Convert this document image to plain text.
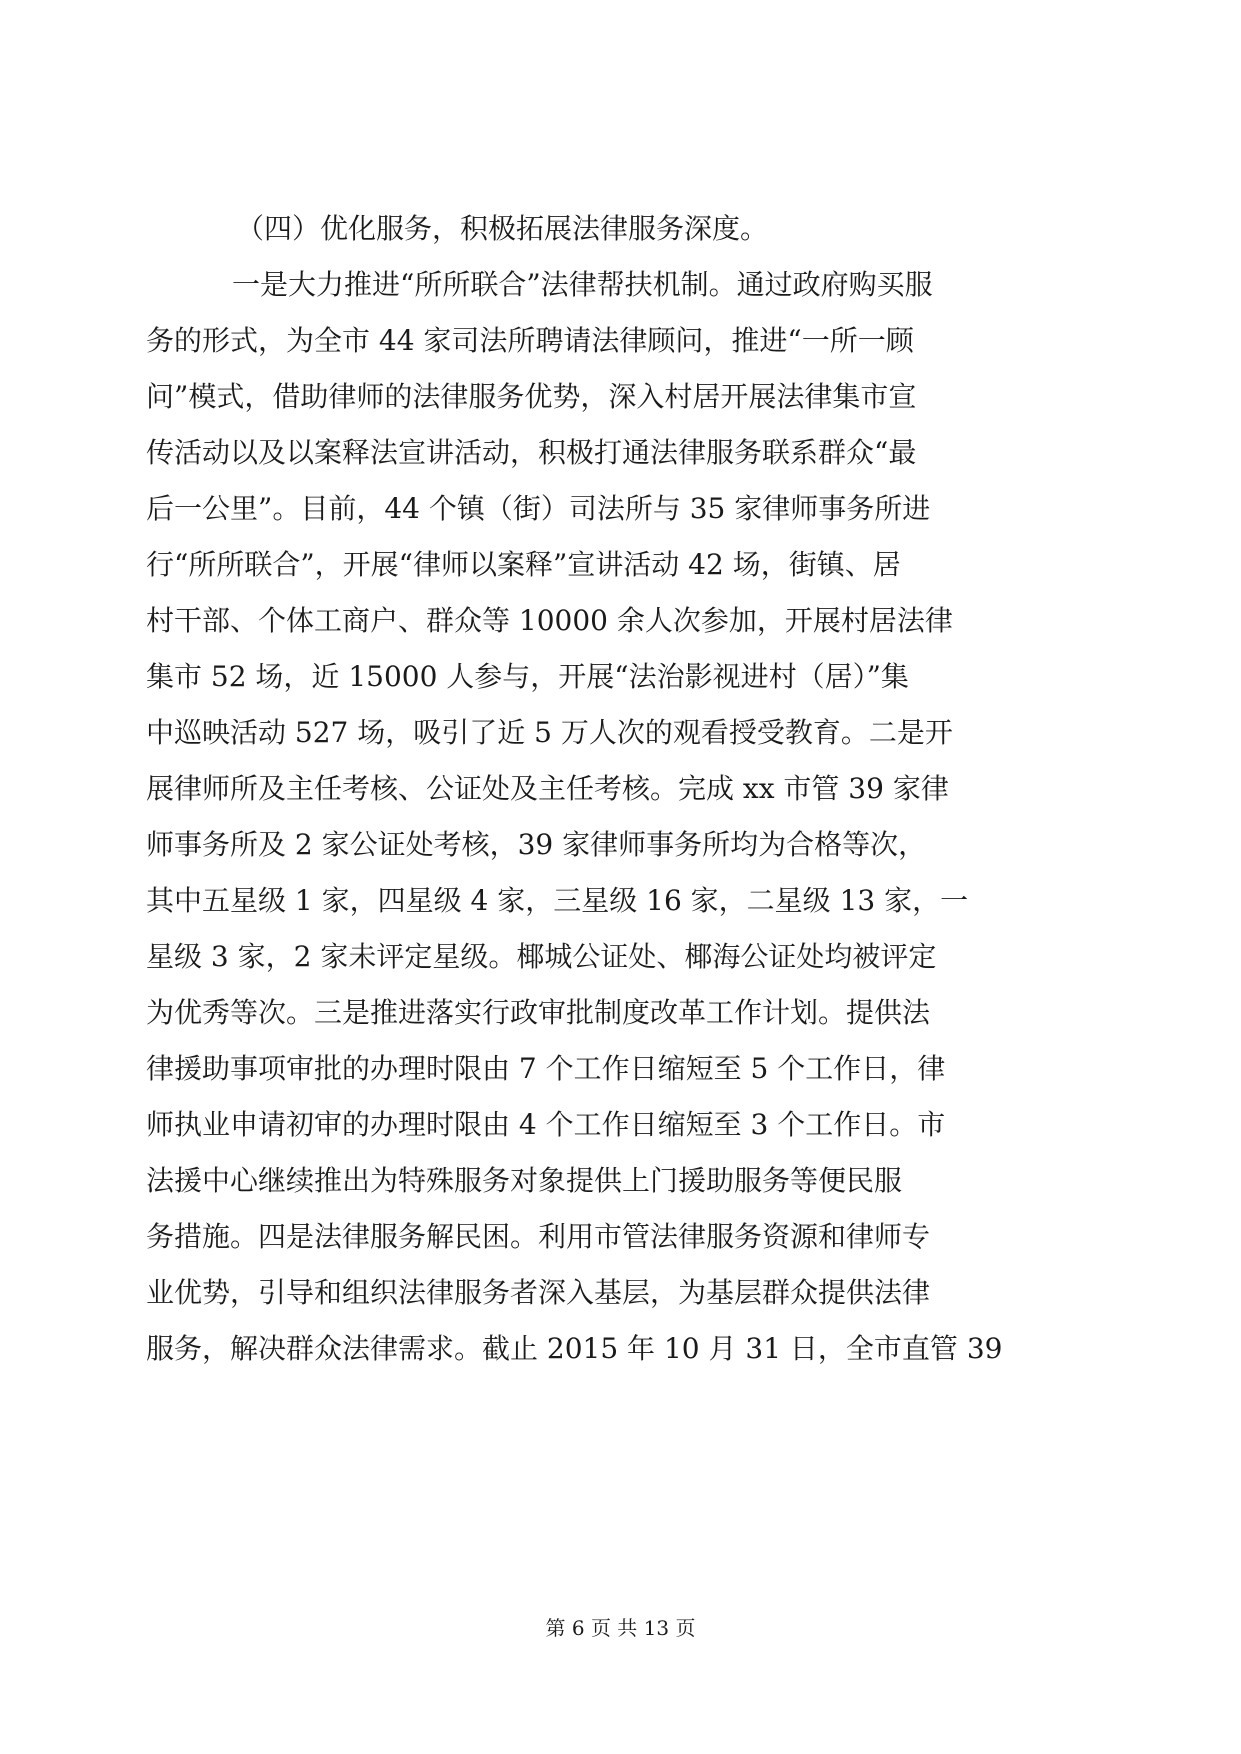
（四）优化服务，积极拓展法律服务深度。
一是大力推进“所所联合”法律帮扶机制。通过政府购买服
务的形式，为全市 44 家司法所聘请法律顾问，推进“一所一顾
问”模式，借助律师的法律服务优势，深入村居开展法律集市宣
传活动以及以案释法宣讲活动，积极打通法律服务联系群众“最
后一公里”。目前，44 个镇（街）司法所与 35 家律师事务所进
行“所所联合”，开展“律师以案释”宣讲活动 42 场，街镇、居
村干部、个体工商户、群众等 10000 余人次参加，开展村居法律
集市 52 场，近 15000 人参与，开展“法治影视进村（居）”集
中巡映活动 527 场，吸引了近 5 万人次的观看授受教育。二是开
展律师所及主任考核、公证处及主任考核。完成 xx 市管 39 家律
师事务所及 2 家公证处考核，39 家律师事务所均为合格等次，
其中五星级 1 家，四星级 4 家，三星级 16 家，二星级 13 家，一
星级 3 家，2 家未评定星级。椰城公证处、椰海公证处均被评定
为优秀等次。三是推进落实行政审批制度改革工作计划。提供法
律援助事项审批的办理时限由 7 个工作日缩短至 5 个工作日，律
师执业申请初审的办理时限由 4 个工作日缩短至 3 个工作日。市
法援中心继续推出为特殊服务对象提供上门援助服务等便民服
务措施。四是法律服务解民困。利用市管法律服务资源和律师专
业优势，引导和组织法律服务者深入基层，为基层群众提供法律
服务，解决群众法律需求。截止 2015 年 10 月 31 日，全市直管 39
第 6 页 共 13 页
